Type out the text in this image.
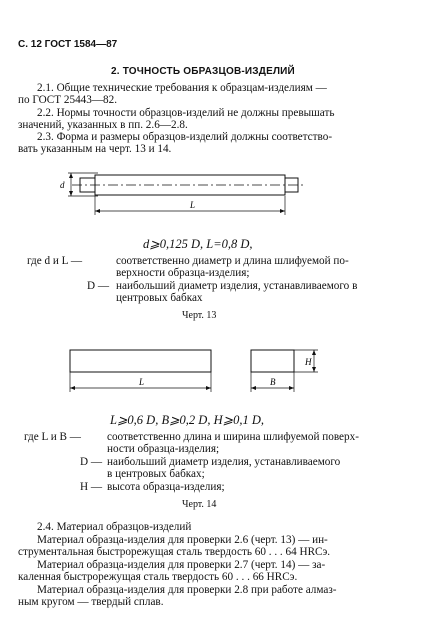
С. 12 ГОСТ 1584—87
2. ТОЧНОСТЬ ОБРАЗЦОВ-ИЗДЕЛИЙ
2.1. Общие технические требования к образцам-изделиям —
по ГОСТ 25443—82.
2.2. Нормы точности образцов-изделий не должны превышать
значений, указанных в пп. 2.6—2.8.
2.3. Форма и размеры образцов-изделий должны соответство-
вать указанным на черт. 13 и 14.
d
L
d⩾0,125 D, L=0,8 D,
где d и L —	соответственно диаметр и длина шлифуемой по-
верхности образца-изделия;
D — наибольший диаметр изделия, устанавливаемого в
центровых бабках
Черт. 13
L	B
H
L⩾0,6 D, B⩾0,2 D, H⩾0,1 D,
где L и B — соответственно длина и ширина шлифуемой поверх-
ности образца-изделия;
D — наибольший диаметр изделия, устанавливаемого
в центровых бабках;
H — высота образца-изделия;
Черт. 14
2.4. Материал образцов-изделий
Материал образца-изделия для проверки 2.6 (черт. 13) — ин-
струментальная быстрорежущая сталь твердость 60 . . . 64 HRCэ.
Материал образца-изделия для проверки 2.7 (черт. 14) — за-
каленная быстрорежущая сталь твердость 60 . . . 66 HRCэ.
Материал образца-изделия для проверки 2.8 при работе алмаз-
ным кругом — твердый сплав.
